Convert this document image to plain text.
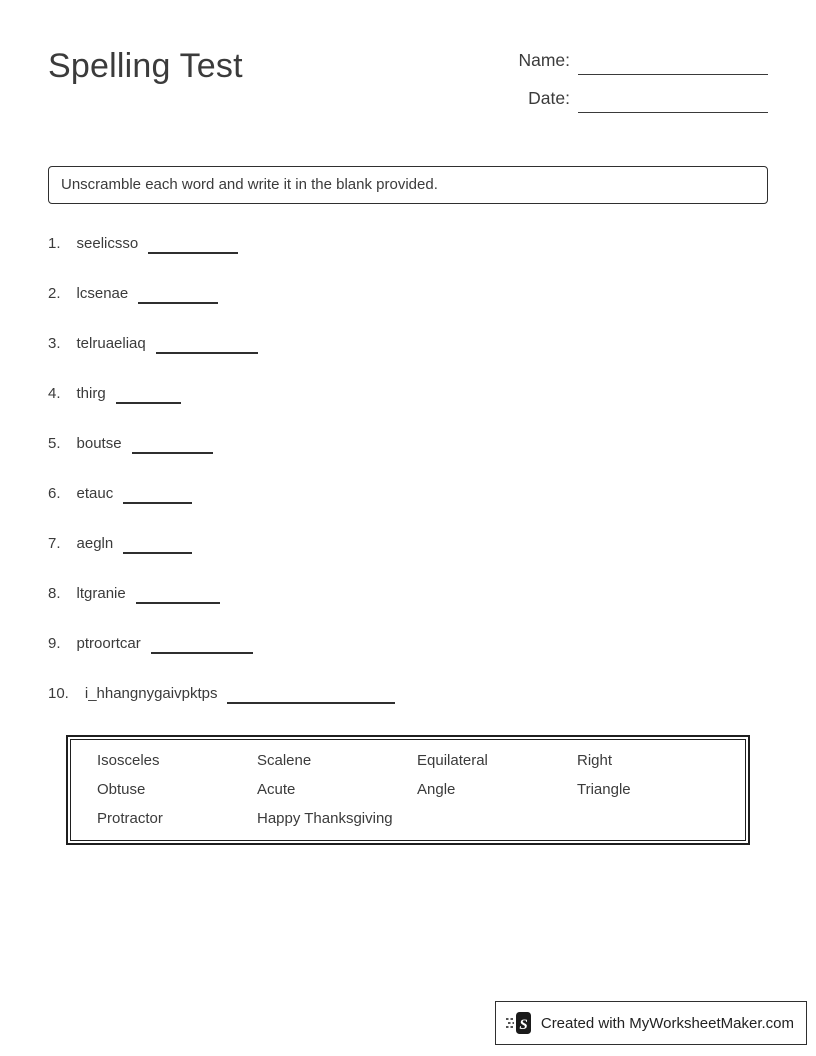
Spelling Test	Name:
Date:
Unscramble each word and write it in the blank provided.
1. seelicsso
2. lcsenae
3. telruaeliaq
4. thirg
5. boutse
6. etauc
7. aegln
8. ltgranie
9. ptroortcar
10. i_hhangnygaivpktps
Isosceles	Scalene	Equilateral	Right
Obtuse	Acute	Angle	Triangle
Protractor	Happy Thanksgiving
S Created with MyWorksheetMaker.com
